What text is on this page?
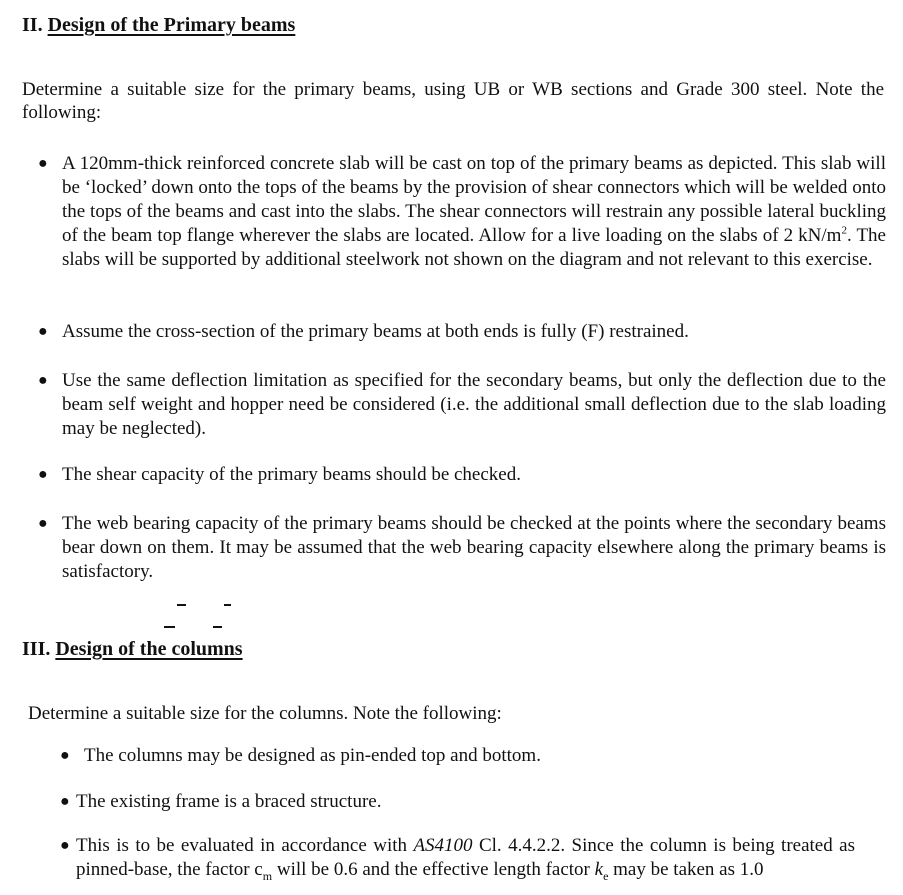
II. Design of the Primary beams
Determine a suitable size for the primary beams, using UB or WB sections and Grade 300 steel. Note the following:
● A 120mm-thick reinforced concrete slab will be cast on top of the primary beams as depicted. This slab will be ‘locked’ down onto the tops of the beams by the provision of shear connectors which will be welded onto the tops of the beams and cast into the slabs. The shear connectors will restrain any possible lateral buckling of the beam top flange wherever the slabs are located. Allow for a live loading on the slabs of 2 $kN/m^2$. The slabs will be supported by additional steelwork not shown on the diagram and not relevant to this exercise.
● Assume the cross-section of the primary beams at both ends is fully (F) restrained.
● Use the same deflection limitation as specified for the secondary beams, but only the deflection due to the beam self weight and hopper need be considered (i.e. the additional small deflection due to the slab loading may be neglected).
● The shear capacity of the primary beams should be checked.
● The web bearing capacity of the primary beams should be checked at the points where the secondary beams bear down on them. It may be assumed that the web bearing capacity elsewhere along the primary beams is satisfactory.
III. Design of the columns
Determine a suitable size for the columns. Note the following:
● The columns may be designed as pin-ended top and bottom.
● The existing frame is a braced structure.
● This is to be evaluated in accordance with AS4100 Cl. 4.4.2.2. Since the column is being treated as pinned-base, the factor $c_m$ will be 0.6 and the effective length factor $k_e$ may be taken as 1.0
